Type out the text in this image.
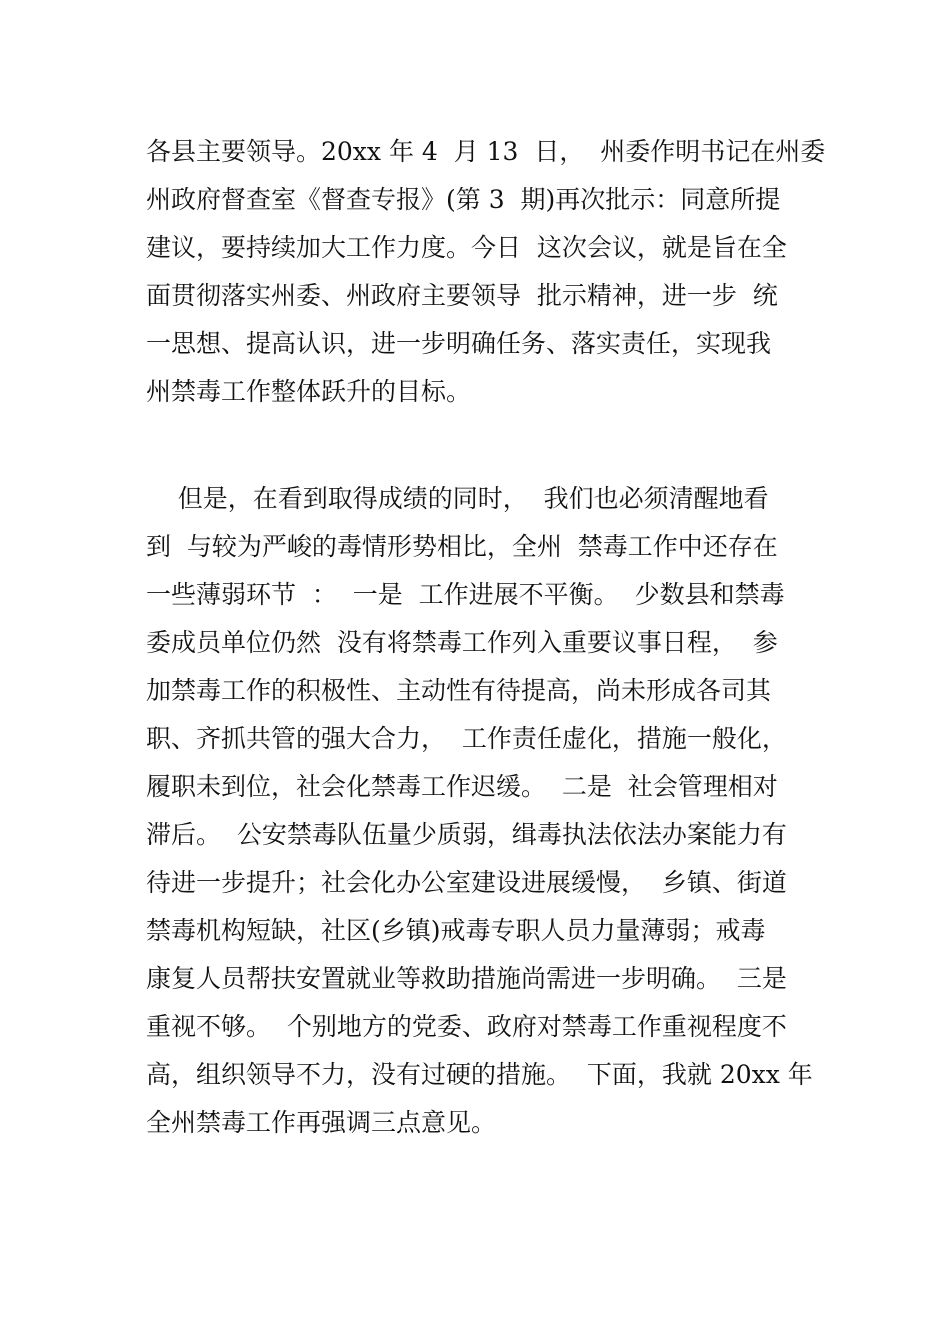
各县主要领导。20xx 年 4  月 13  日，  州委作明书记在州委
州政府督查室《督查专报》(第 3  期)再次批示：同意所提
建议，要持续加大工作力度。今日  这次会议，就是旨在全
面贯彻落实州委、州政府主要领导  批示精神，进一步  统
一思想、提高认识，进一步明确任务、落实责任，实现我
州禁毒工作整体跃升的目标。
但是，在看到取得成绩的同时，  我们也必须清醒地看
到  与较为严峻的毒情形势相比，全州  禁毒工作中还存在
一些薄弱环节  ：  一是  工作进展不平衡。  少数县和禁毒
委成员单位仍然  没有将禁毒工作列入重要议事日程，  参
加禁毒工作的积极性、主动性有待提高，尚未形成各司其
职、齐抓共管的强大合力，  工作责任虚化，措施一般化，
履职未到位，社会化禁毒工作迟缓。  二是  社会管理相对
滞后。  公安禁毒队伍量少质弱，缉毒执法依法办案能力有
待进一步提升；社会化办公室建设进展缓慢，  乡镇、街道
禁毒机构短缺，社区(乡镇)戒毒专职人员力量薄弱；戒毒
康复人员帮扶安置就业等救助措施尚需进一步明确。  三是
重视不够。  个别地方的党委、政府对禁毒工作重视程度不
高，组织领导不力，没有过硬的措施。  下面，我就 20xx 年
全州禁毒工作再强调三点意见。
